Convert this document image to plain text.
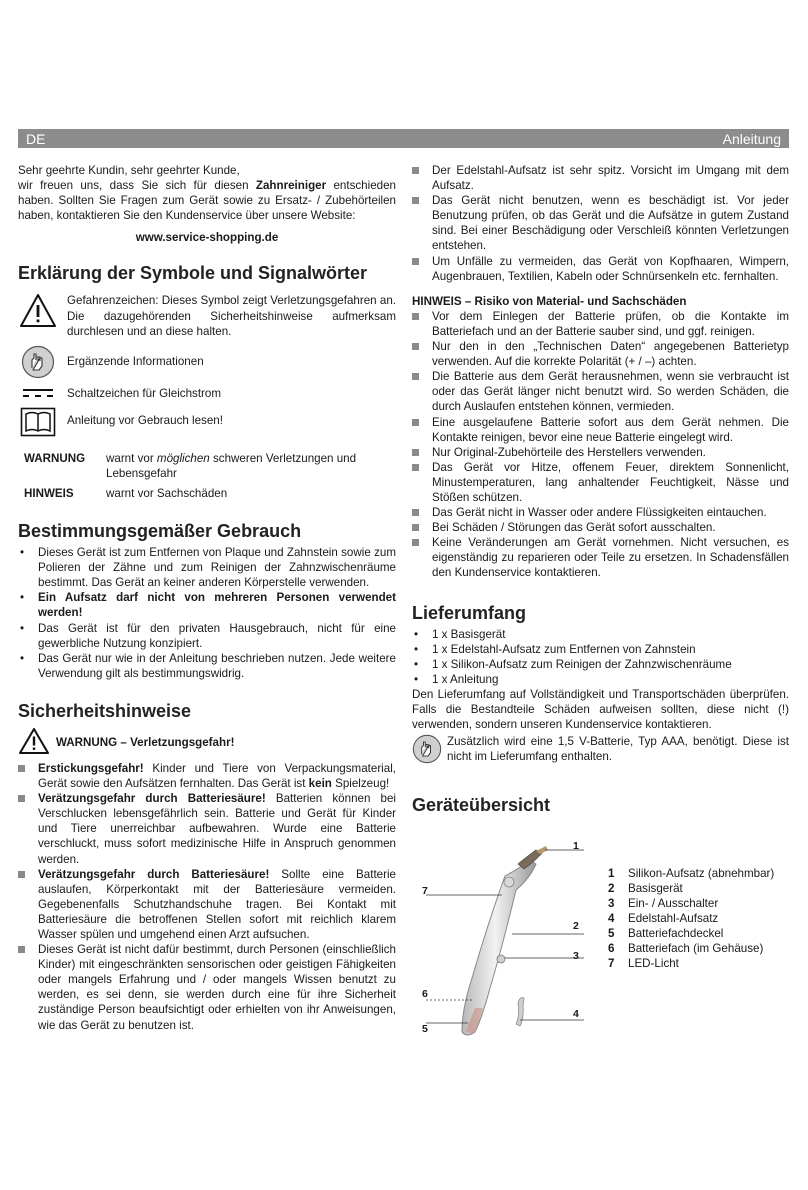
DE	Anleitung

Sehr geehrte Kundin, sehr geehrter Kunde,

wir freuen uns, dass Sie sich für diesen Zahnreiniger entschieden haben. Sollten Sie Fragen zum Gerät sowie zu Ersatz- / Zubehörteilen haben, kontaktieren Sie den Kundenservice über unsere Website:

www.service-shopping.de
Erklärung der Symbole und Signalwörter

Gefahrenzeichen: Dieses Symbol zeigt Verletzungsgefahren an. Die dazugehörenden Sicherheitshinweise aufmerksam durchlesen und an diese halten.

Ergänzende Informationen

Schaltzeichen für Gleichstrom

Anleitung vor Gebrauch lesen!

WARNUNG	warnt vor möglichen schweren Verletzungen und Lebensgefahr
HINWEIS	warnt vor Sachschäden
Bestimmungsgemäßer Gebrauch
• Dieses Gerät ist zum Entfernen von Plaque und Zahnstein sowie zum Polieren der Zähne und zum Reinigen der Zahnzwischenräume bestimmt. Das Gerät an keiner anderen Körperstelle verwenden.
• Ein Aufsatz darf nicht von mehreren Personen verwendet werden!
• Das Gerät ist für den privaten Hausgebrauch, nicht für eine gewerbliche Nutzung konzipiert.
• Das Gerät nur wie in der Anleitung beschrieben nutzen. Jede weitere Verwendung gilt als bestimmungswidrig.
Sicherheitshinweise
WARNUNG – Verletzungsgefahr!
Erstickungsgefahr! Kinder und Tiere von Verpackungsmaterial, Gerät sowie den Aufsätzen fernhalten. Das Gerät ist kein Spielzeug!
Verätzungsgefahr durch Batteriesäure! Batterien können bei Verschlucken lebensgefährlich sein. Batterie und Gerät für Kinder und Tiere unerreichbar aufbewahren. Wurde eine Batterie verschluckt, muss sofort medizinische Hilfe in Anspruch genommen werden.
Verätzungsgefahr durch Batteriesäure! Sollte eine Batterie auslaufen, Körperkontakt mit der Batteriesäure vermeiden. Gegebenenfalls Schutzhandschuhe tragen. Bei Kontakt mit Batteriesäure die betroffenen Stellen sofort mit reichlich klarem Wasser spülen und umgehend einen Arzt aufsuchen.
Dieses Gerät ist nicht dafür bestimmt, durch Personen (einschließlich Kinder) mit eingeschränkten sensorischen oder geistigen Fähigkeiten oder mangels Erfahrung und / oder mangels Wissen benutzt zu werden, es sei denn, sie werden durch eine für ihre Sicherheit zuständige Person beaufsichtigt oder erhielten von ihr Anweisungen, wie das Gerät zu benutzen ist.
Der Edelstahl-Aufsatz ist sehr spitz. Vorsicht im Umgang mit dem Aufsatz.
Das Gerät nicht benutzen, wenn es beschädigt ist. Vor jeder Benutzung prüfen, ob das Gerät und die Aufsätze in gutem Zustand sind. Bei einer Beschädigung oder Verschleiß könnten Verletzungen entstehen.
Um Unfälle zu vermeiden, das Gerät von Kopfhaaren, Wimpern, Augenbrauen, Textilien, Kabeln oder Schnürsenkeln etc. fernhalten.
HINWEIS – Risiko von Material- und Sachschäden
Vor dem Einlegen der Batterie prüfen, ob die Kontakte im Batteriefach und an der Batterie sauber sind, und ggf. reinigen.
Nur den in den „Technischen Daten“ angegebenen Batterietyp verwenden. Auf die korrekte Polarität (+ / –) achten.
Die Batterie aus dem Gerät herausnehmen, wenn sie verbraucht ist oder das Gerät länger nicht benutzt wird. So werden Schäden, die durch Auslaufen entstehen können, vermieden.
Eine ausgelaufene Batterie sofort aus dem Gerät nehmen. Die Kontakte reinigen, bevor eine neue Batterie eingelegt wird.
Nur Original-Zubehörteile des Herstellers verwenden.
Das Gerät vor Hitze, offenem Feuer, direktem Sonnenlicht, Minustemperaturen, lang anhaltender Feuchtigkeit, Nässe und Stößen schützen.
Das Gerät nicht in Wasser oder andere Flüssigkeiten eintauchen.
Bei Schäden / Störungen das Gerät sofort ausschalten.
Keine Veränderungen am Gerät vornehmen. Nicht versuchen, es eigenständig zu reparieren oder Teile zu ersetzen. In Schadensfällen den Kundenservice kontaktieren.
Lieferumfang
• 1 x Basisgerät
• 1 x Edelstahl-Aufsatz zum Entfernen von Zahnstein
• 1 x Silikon-Aufsatz zum Reinigen der Zahnzwischenräume
• 1 x Anleitung

Den Lieferumfang auf Vollständigkeit und Transportschäden überprüfen. Falls die Bestandteile Schäden aufweisen sollten, diese nicht (!) verwenden, sondern unseren Kundenservice kontaktieren.

Zusätzlich wird eine 1,5 V-Batterie, Typ AAA, benötigt. Diese ist nicht im Lieferumfang enthalten.

Geräteübersicht
1
2
3
4
5
6
7
1	Silikon-Aufsatz (abnehmbar)
2	Basisgerät
3	Ein- / Ausschalter
4	Edelstahl-Aufsatz
5	Batteriefachdeckel
6	Batteriefach (im Gehäuse)
7	LED-Licht
